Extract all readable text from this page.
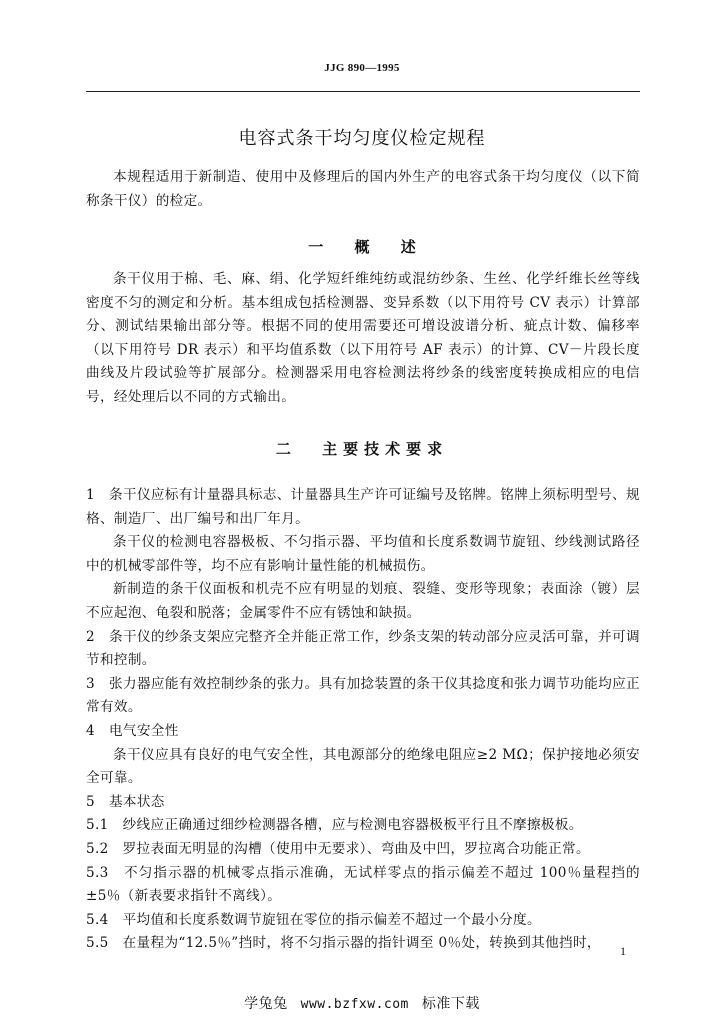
JJG 890—1995
电容式条干均匀度仪检定规程
本规程适用于新制造、使用中及修理后的国内外生产的电容式条干均匀度仪（以下简称条干仪）的检定。
一 概 述
条干仪用于棉、毛、麻、绢、化学短纤维纯纺或混纺纱条、生丝、化学纤维长丝等线密度不匀的测定和分析。基本组成包括检测器、变异系数（以下用符号 CV 表示）计算部分、测试结果输出部分等。根据不同的使用需要还可增设波谱分析、疵点计数、偏移率（以下用符号 DR 表示）和平均值系数（以下用符号 AF 表示）的计算、CV－片段长度曲线及片段试验等扩展部分。检测器采用电容检测法将纱条的线密度转换成相应的电信号，经处理后以不同的方式输出。
二 主要技术要求

1　条干仪应标有计量器具标志、计量器具生产许可证编号及铭牌。铭牌上须标明型号、规格、制造厂、出厂编号和出厂年月。

条干仪的检测电容器极板、不匀指示器、平均值和长度系数调节旋钮、纱线测试路径中的机械零部件等，均不应有影响计量性能的机械损伤。

新制造的条干仪面板和机壳不应有明显的划痕、裂缝、变形等现象；表面涂（镀）层不应起泡、龟裂和脱落；金属零件不应有锈蚀和缺损。

2　条干仪的纱条支架应完整齐全并能正常工作，纱条支架的转动部分应灵活可靠，并可调节和控制。

3　张力器应能有效控制纱条的张力。具有加捻装置的条干仪其捻度和张力调节功能均应正常有效。

4　电气安全性

条干仪应具有良好的电气安全性，其电源部分的绝缘电阻应≥2 MΩ；保护接地必须安全可靠。

5　基本状态

5.1　纱线应正确通过细纱检测器各槽，应与检测电容器极板平行且不摩擦极板。

5.2　罗拉表面无明显的沟槽（使用中无要求）、弯曲及中凹，罗拉离合功能正常。

5.3　不匀指示器的机械零点指示准确，无试样零点的指示偏差不超过 100％量程挡的±5％（新表要求指针不离线）。

5.4　平均值和长度系数调节旋钮在零位的指示偏差不超过一个最小分度。

5.5　在量程为“12.5％”挡时，将不匀指示器的指针调至 0％处，转换到其他挡时，	1
学兔兔 www.bzfxw.com 标准下载
